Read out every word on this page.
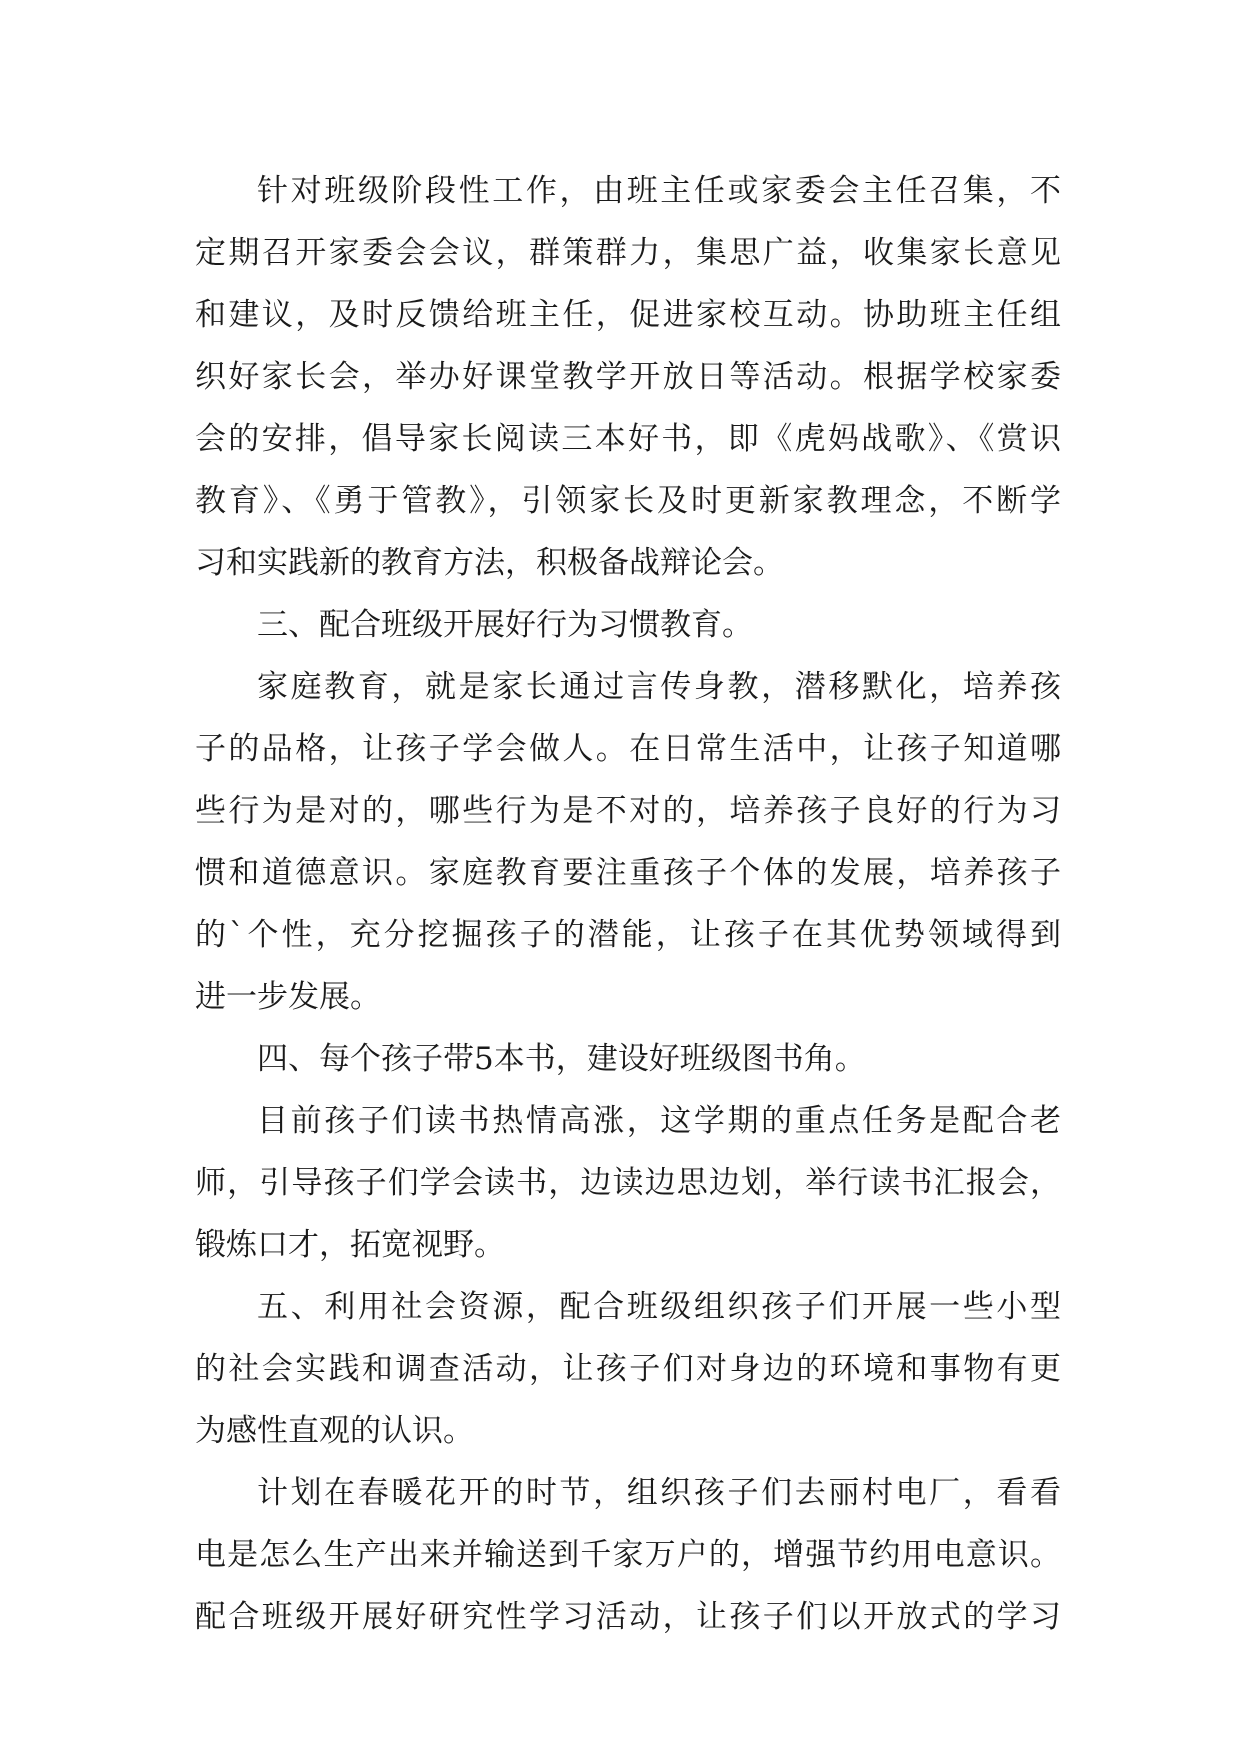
针对班级阶段性工作，由班主任或家委会主任召集，不
定期召开家委会会议，群策群力，集思广益，收集家长意见
和建议，及时反馈给班主任，促进家校互动。协助班主任组
织好家长会，举办好课堂教学开放日等活动。根据学校家委
会的安排，倡导家长阅读三本好书，即《虎妈战歌》、《赏识
教育》、《勇于管教》，引领家长及时更新家教理念，不断学
习和实践新的教育方法，积极备战辩论会。
三、配合班级开展好行为习惯教育。
家庭教育，就是家长通过言传身教，潜移默化，培养孩
子的品格，让孩子学会做人。在日常生活中，让孩子知道哪
些行为是对的，哪些行为是不对的，培养孩子良好的行为习
惯和道德意识。家庭教育要注重孩子个体的发展，培养孩子
的`个性，充分挖掘孩子的潜能，让孩子在其优势领域得到
进一步发展。
四、每个孩子带5本书，建设好班级图书角。
目前孩子们读书热情高涨，这学期的重点任务是配合老
师，引导孩子们学会读书，边读边思边划，举行读书汇报会，
锻炼口才，拓宽视野。
五、利用社会资源，配合班级组织孩子们开展一些小型
的社会实践和调查活动，让孩子们对身边的环境和事物有更
为感性直观的认识。
计划在春暖花开的时节，组织孩子们去丽村电厂，看看
电是怎么生产出来并输送到千家万户的，增强节约用电意识。
配合班级开展好研究性学习活动，让孩子们以开放式的学习
